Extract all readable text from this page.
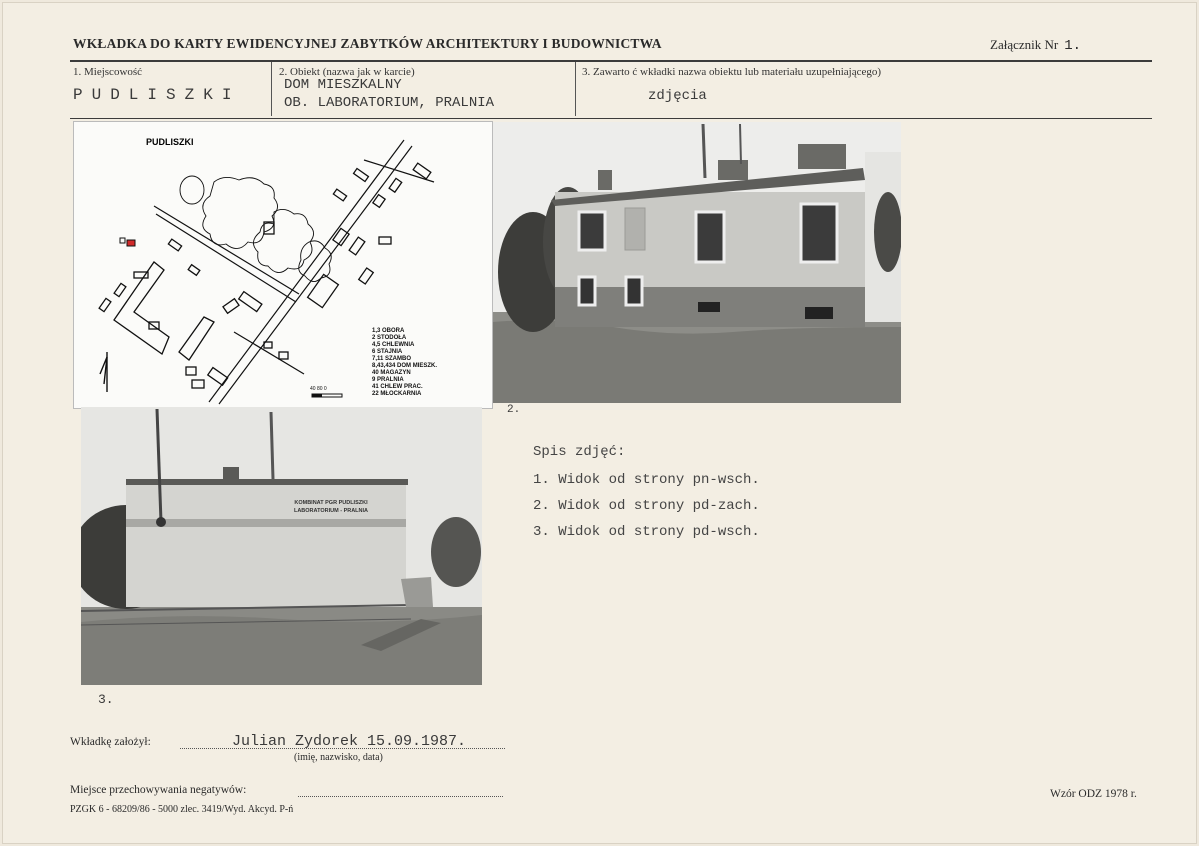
WKŁADKA DO KARTY EWIDENCYJNEJ ZABYTKÓW ARCHITEKTURY I BUDOWNICTWA	Załącznik Nr 1.
1. Miejscowość
PUDLISZKI
2. Obiekt (nazwa jak w karcie)
DOM MIESZKALNY
OB. LABORATORIUM, PRALNIA
3. Zawarto ć wkładki nazwa obiektu lub materiału uzupełniającego)
zdjęcia
PUDLISZKI
1,3 OBORA
2 STODOŁA
4,5 CHLEWNIA
6 STAJNIA
7,11 SZAMBO
8,43,434 DOM MIESZK.
40 MAGAZYN
9 PRALNIA
41 CHLEW PRAC.
22 MŁOCKARNIA
40 80 0
2.
KOMBINAT PGR PUDLISZKI
LABORATORIUM - PRALNIA
3.
Spis zdjęć:
1. Widok od strony pn-wsch.
2. Widok od strony pd-zach.
3. Widok od strony pd-wsch.
Wkładkę założył:	Julian Zydorek 15.09.1987.
(imię, nazwisko, data)
Miejsce przechowywania negatywów:
PZGK 6 - 68209/86 - 5000 zlec. 3419/Wyd. Akcyd. P-ń
Wzór ODZ 1978 r.
